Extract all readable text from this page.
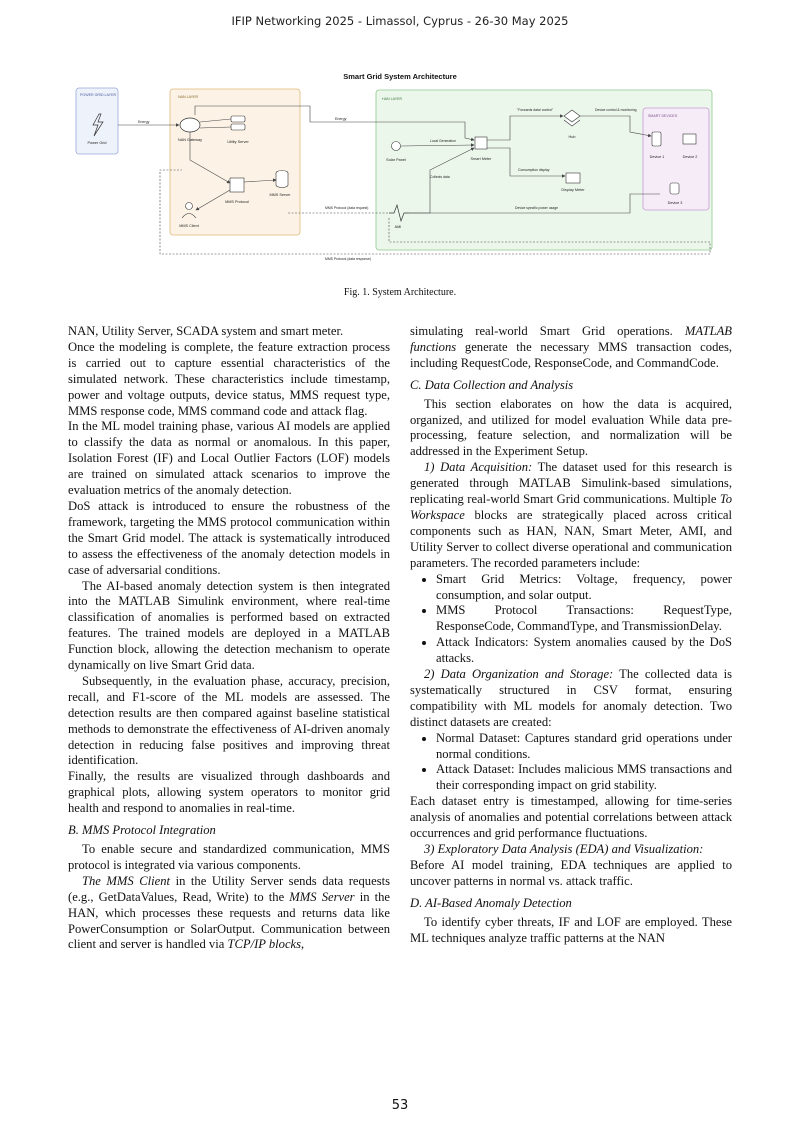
IFIP Networking 2025 - Limassol, Cyprus - 26-30 May 2025
Smart Grid System Architecture
POWER GRID LAYER
Power Grid
NAN LAYER
NAN Gateway	Utility Server
MMS Protocol
MMS Server
MMS Client
HAN LAYER
Solar Panel	Smart Meter
Hub
Display Meter
AMI
SMART DEVICES
Device 1	Device 2
Device 3
Energy
Energy
Local Generation
"Forwards data/ control"	Device control & monitoring
Consumption display
Collects data
MMS Protocol (data request)	Device specific power usage
MMS Protocol (data response)
Fig. 1. System Architecture.

NAN, Utility Server, SCADA system and smart meter.

Once the modeling is complete, the feature extraction process is carried out to capture essential characteristics of the simulated network. These characteristics include timestamp, power and voltage outputs, device status, MMS request type, MMS response code, MMS command code and attack flag.

In the ML model training phase, various AI models are applied to classify the data as normal or anomalous. In this paper, Isolation Forest (IF) and Local Outlier Factors (LOF) models are trained on simulated attack scenarios to improve the evaluation metrics of the anomaly detection.

DoS attack is introduced to ensure the robustness of the framework, targeting the MMS protocol communication within the Smart Grid model. The attack is systematically introduced to assess the effectiveness of the anomaly detection models in case of adversarial conditions.

The AI-based anomaly detection system is then integrated into the MATLAB Simulink environment, where real-time classification of anomalies is performed based on extracted features. The trained models are deployed in a MATLAB Function block, allowing the detection mechanism to operate dynamically on live Smart Grid data.

Subsequently, in the evaluation phase, accuracy, precision, recall, and F1-score of the ML models are assessed. The detection results are then compared against baseline statistical methods to demonstrate the effectiveness of AI-driven anomaly detection in reducing false positives and improving threat identification.

Finally, the results are visualized through dashboards and graphical plots, allowing system operators to monitor grid health and respond to anomalies in real-time.

B. MMS Protocol Integration

To enable secure and standardized communication, MMS protocol is integrated via various components.

The MMS Client in the Utility Server sends data requests (e.g., GetDataValues, Read, Write) to the MMS Server in the HAN, which processes these requests and returns data like PowerConsumption or SolarOutput. Communication between client and server is handled via TCP/IP blocks,

simulating real-world Smart Grid operations. MATLAB functions generate the necessary MMS transaction codes, including RequestCode, ResponseCode, and CommandCode.

C. Data Collection and Analysis

This section elaborates on how the data is acquired, organized, and utilized for model evaluation While data pre-processing, feature selection, and normalization will be addressed in the Experiment Setup.

1) Data Acquisition: The dataset used for this research is generated through MATLAB Simulink-based simulations, replicating real-world Smart Grid communications. Multiple To Workspace blocks are strategically placed across critical components such as HAN, NAN, Smart Meter, AMI, and Utility Server to collect diverse operational and communication parameters. The recorded parameters include:

• Smart Grid Metrics: Voltage, frequency, power consumption, and solar output.
• MMS Protocol Transactions: RequestType, ResponseCode, CommandType, and TransmissionDelay.
• Attack Indicators: System anomalies caused by the DoS attacks.

2) Data Organization and Storage: The collected data is systematically structured in CSV format, ensuring compatibility with ML models for anomaly detection. Two distinct datasets are created:

• Normal Dataset: Captures standard grid operations under normal conditions.
• Attack Dataset: Includes malicious MMS transactions and their corresponding impact on grid stability.

Each dataset entry is timestamped, allowing for time-series analysis of anomalies and potential correlations between attack occurrences and grid performance fluctuations.

3) Exploratory Data Analysis (EDA) and Visualization:

Before AI model training, EDA techniques are applied to uncover patterns in normal vs. attack traffic.

D. AI-Based Anomaly Detection

To identify cyber threats, IF and LOF are employed. These ML techniques analyze traffic patterns at the NAN

53
